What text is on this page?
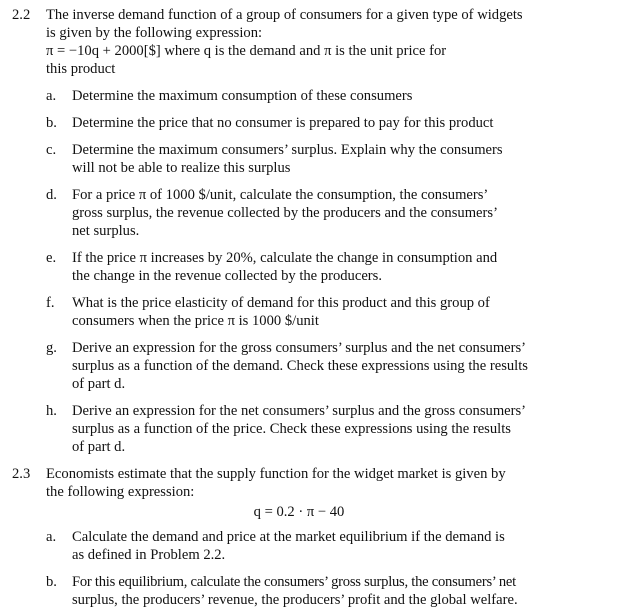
2.2	The inverse demand function of a group of consumers for a given type of widgets
is given by the following expression:
π = −10q + 2000[$] where q is the demand and π is the unit price for
this product
a.	Determine the maximum consumption of these consumers
b.	Determine the price that no consumer is prepared to pay for this product
c.	Determine the maximum consumers’ surplus. Explain why the consumers
will not be able to realize this surplus
d.	For a price π of 1000 $/unit, calculate the consumption, the consumers’
gross surplus, the revenue collected by the producers and the consumers’
net surplus.
e.	If the price π increases by 20%, calculate the change in consumption and
the change in the revenue collected by the producers.
f.	What is the price elasticity of demand for this product and this group of
consumers when the price π is 1000 $/unit
g.	Derive an expression for the gross consumers’ surplus and the net consumers’
surplus as a function of the demand. Check these expressions using the results
of part d.
h.	Derive an expression for the net consumers’ surplus and the gross consumers’
surplus as a function of the price. Check these expressions using the results
of part d.
2.3	Economists estimate that the supply function for the widget market is given by
the following expression:
q = 0.2 · π − 40
a.	Calculate the demand and price at the market equilibrium if the demand is
as defined in Problem 2.2.
b.	For this equilibrium, calculate the consumers’ gross surplus, the consumers’ net
surplus, the producers’ revenue, the producers’ profit and the global welfare.
